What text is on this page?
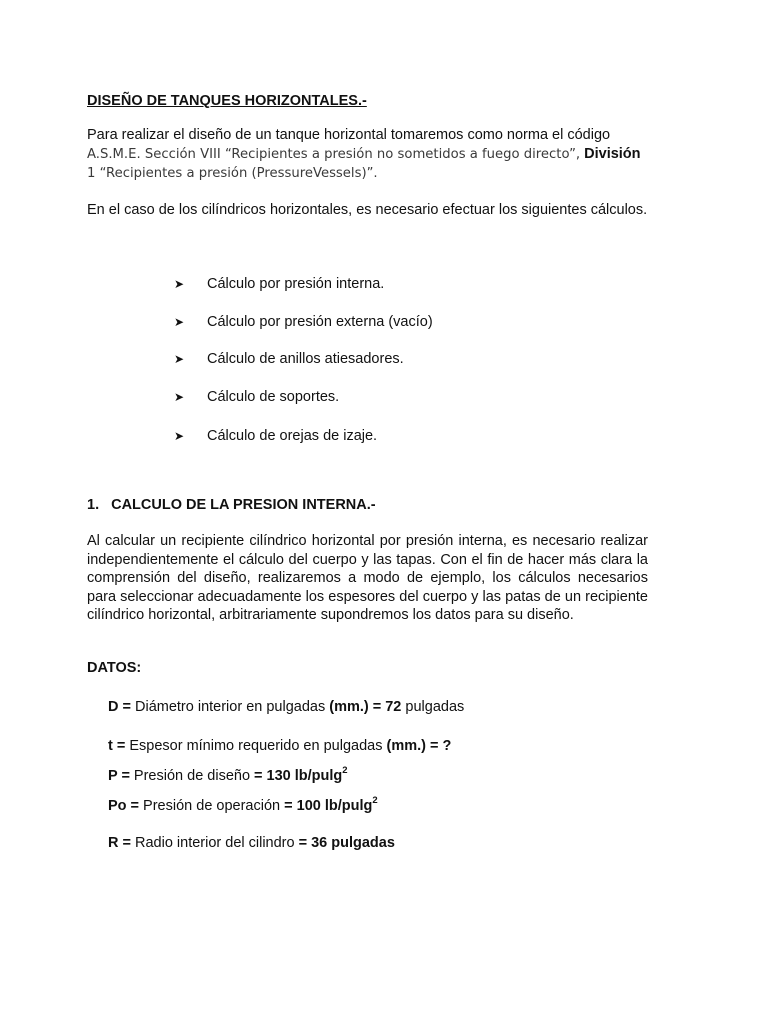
DISEÑO DE TANQUES HORIZONTALES.-
Para realizar el diseño de un tanque horizontal tomaremos como norma el código
A.S.M.E. Sección VIII “Recipientes a presión no sometidos a fuego directo”, División
1 “Recipientes a presión (PressureVessels)”.
En el caso de los cilíndricos horizontales, es necesario efectuar los siguientes cálculos.
➤ Cálculo por presión interna.
➤ Cálculo por presión externa (vacío)
➤ Cálculo de anillos atiesadores.
➤ Cálculo de soportes.
➤ Cálculo de orejas de izaje.
1. CALCULO DE LA PRESION INTERNA.-
Al calcular un recipiente cilíndrico horizontal por presión interna, es necesario realizar independientemente el cálculo del cuerpo y las tapas. Con el fin de hacer más clara la comprensión del diseño, realizaremos a modo de ejemplo, los cálculos necesarios para seleccionar adecuadamente los espesores del cuerpo y las patas de un recipiente cilíndrico horizontal, arbitrariamente supondremos los datos para su diseño.
DATOS:
D = Diámetro interior en pulgadas (mm.) = 72 pulgadas
t = Espesor mínimo requerido en pulgadas (mm.) = ?
P = Presión de diseño = 130 lb/pulg$^2$
Po = Presión de operación = 100 lb/pulg$^2$
R = Radio interior del cilindro = 36 pulgadas
